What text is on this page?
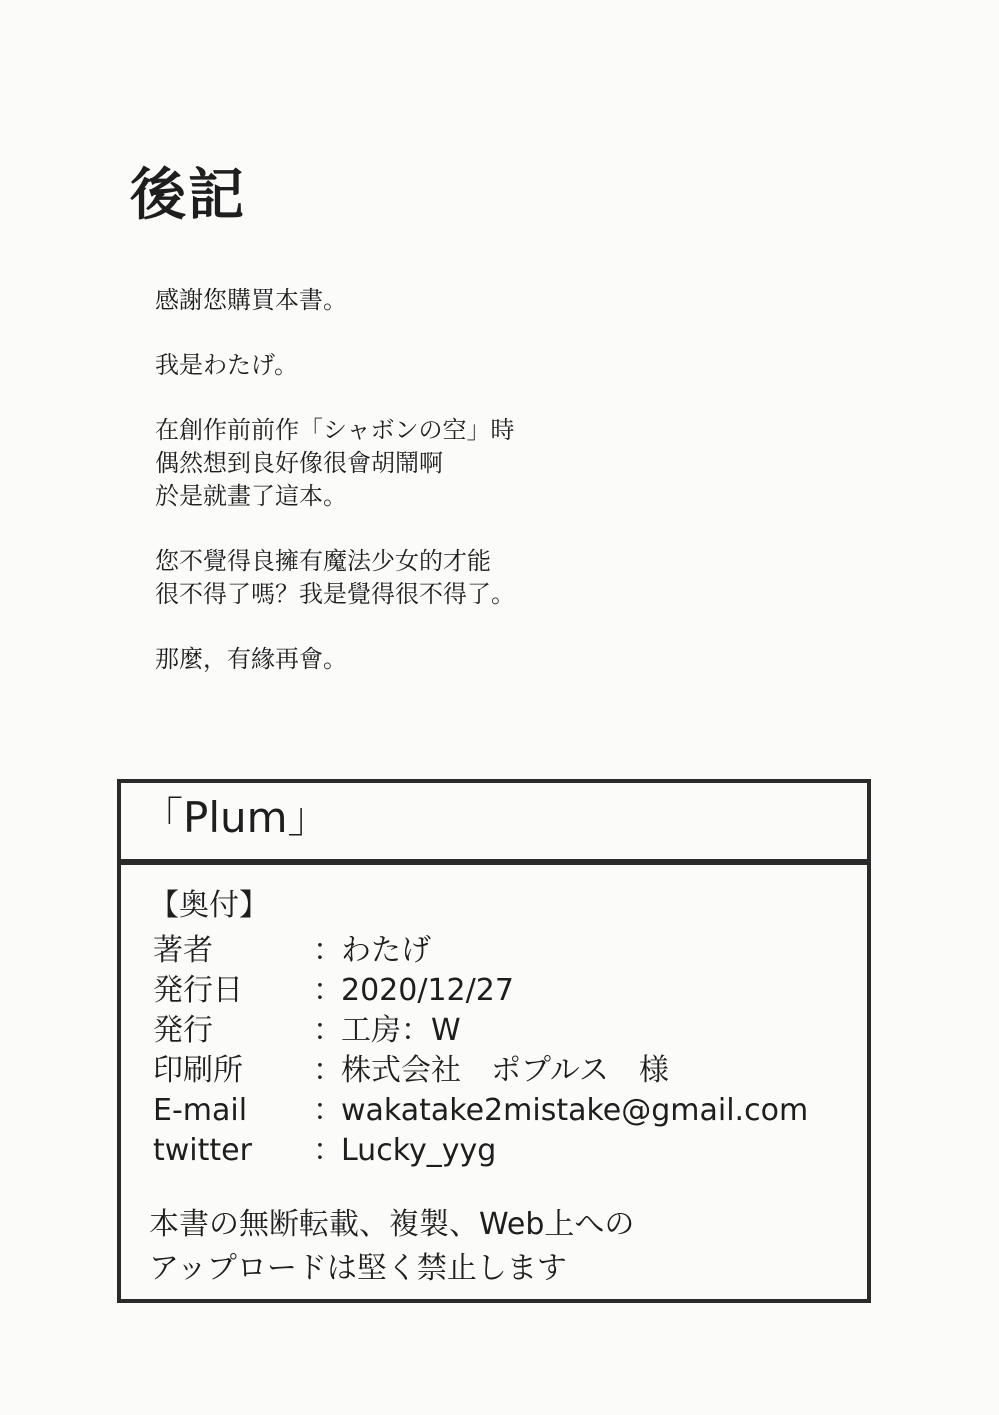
後記
感謝您購買本書。
我是わたげ。
在創作前前作「シャボンの空」時
偶然想到良好像很會胡鬧啊
於是就畫了這本。
您不覺得良擁有魔法少女的才能
很不得了嗎？我是覺得很不得了。
那麼，有緣再會。
「Plum」
【奥付】
著者	：
わたげ
発行日	：
2020/12/27
発行	：
工房：W
印刷所	：
株式会社　ポプルス　様
E-mail	：
wakatake2mistake@gmail.com
twitter	：
Lucky_yyg
本書の無断転載、複製、Web上への
アップロードは堅く禁止します
